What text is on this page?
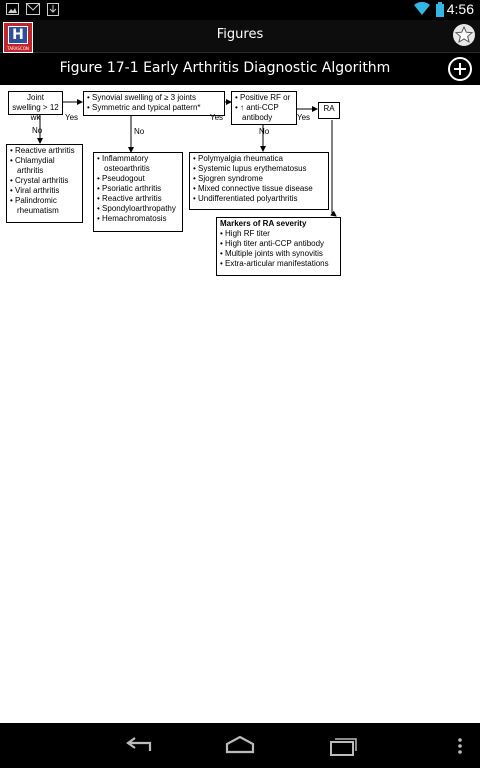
4:56
H
TARASCON
Figures
Figure 17-1 Early Arthritis Diagnostic Algorithm
Joint swelling > 12 wk
• Synovial swelling of ≥ 3 joints
• Symmetric and typical pattern*
• Positive RF or
• ↑ anti-CCP antibody
RA
Yes	Yes	Yes
No	No	No
• Reactive arthritis
• Chlamydial arthritis
• Crystal arthritis
• Viral arthritis
• Palindromic rheumatism
• Inflammatory osteoarthritis
• Pseudogout
• Psoriatic arthritis
• Reactive arthritis
• Spondyloarthropathy
• Hemachromatosis
• Polymyalgia rheumatica
• Systemic lupus erythematosus
• Sjogren syndrome
• Mixed connective tissue disease
• Undifferentiated polyarthritis
Markers of RA severity
• High RF titer
• High titer anti-CCP antibody
• Multiple joints with synovitis
• Extra-articular manifestations
